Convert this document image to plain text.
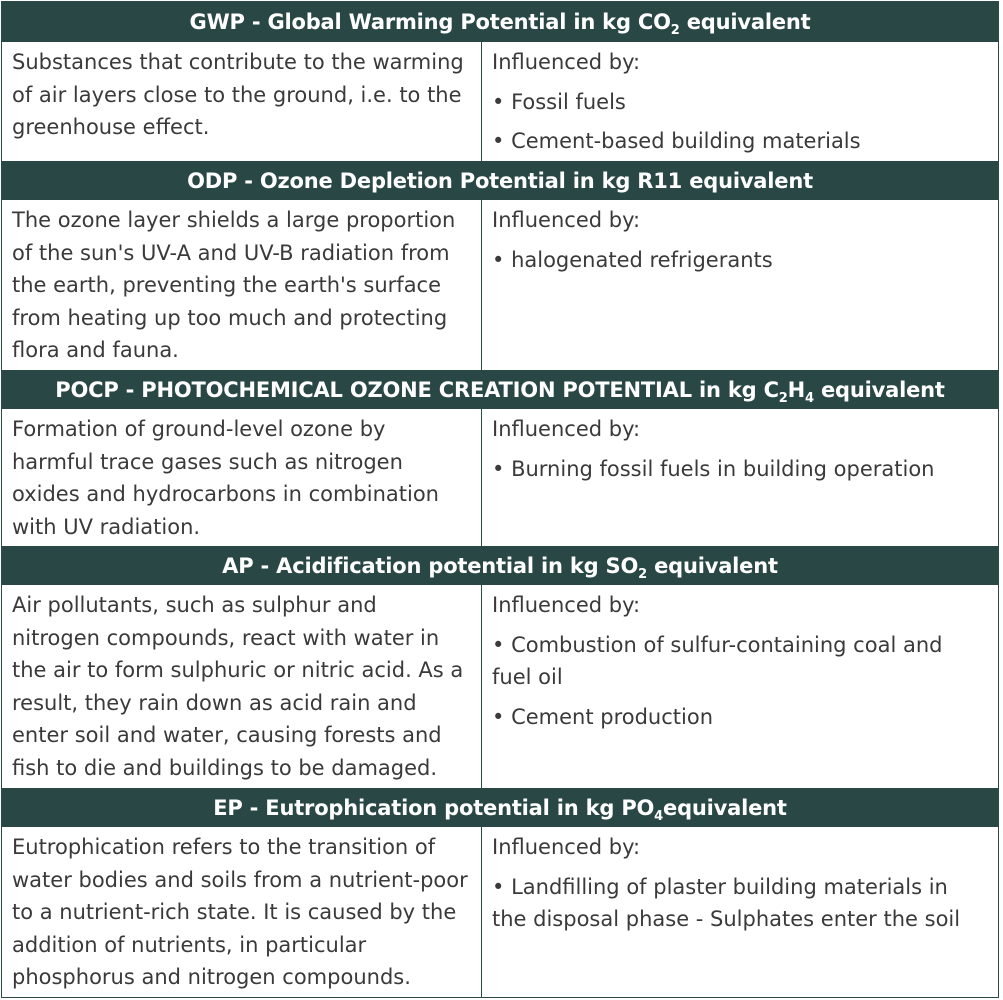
GWP - Global Warming Potential in kg $CO_2$ equivalent
Substances that contribute to the warming of air layers close to the ground, i.e. to the greenhouse effect.
Influenced by:
• Fossil fuels
• Cement-based building materials
ODP - Ozone Depletion Potential in kg R11 equivalent
The ozone layer shields a large proportion of the sun's UV-A and UV-B radiation from the earth, preventing the earth's surface from heating up too much and protecting flora and fauna.
Influenced by:
• halogenated refrigerants
POCP - PHOTOCHEMICAL OZONE CREATION POTENTIAL in kg $C_2H_4$ equivalent
Formation of ground-level ozone by harmful trace gases such as nitrogen oxides and hydrocarbons in combination with UV radiation.
Influenced by:
• Burning fossil fuels in building operation
AP - Acidification potential in kg $SO_2$ equivalent
Air pollutants, such as sulphur and nitrogen compounds, react with water in the air to form sulphuric or nitric acid. As a result, they rain down as acid rain and enter soil and water, causing forests and fish to die and buildings to be damaged.
Influenced by:
• Combustion of sulfur-containing coal and fuel oil
• Cement production
EP - Eutrophication potential in kg $PO_4equivalent$
Eutrophication refers to the transition of water bodies and soils from a nutrient-poor to a nutrient-rich state. It is caused by the addition of nutrients, in particular phosphorus and nitrogen compounds.
Influenced by:
• Landfilling of plaster building materials in the disposal phase - Sulphates enter the soil
